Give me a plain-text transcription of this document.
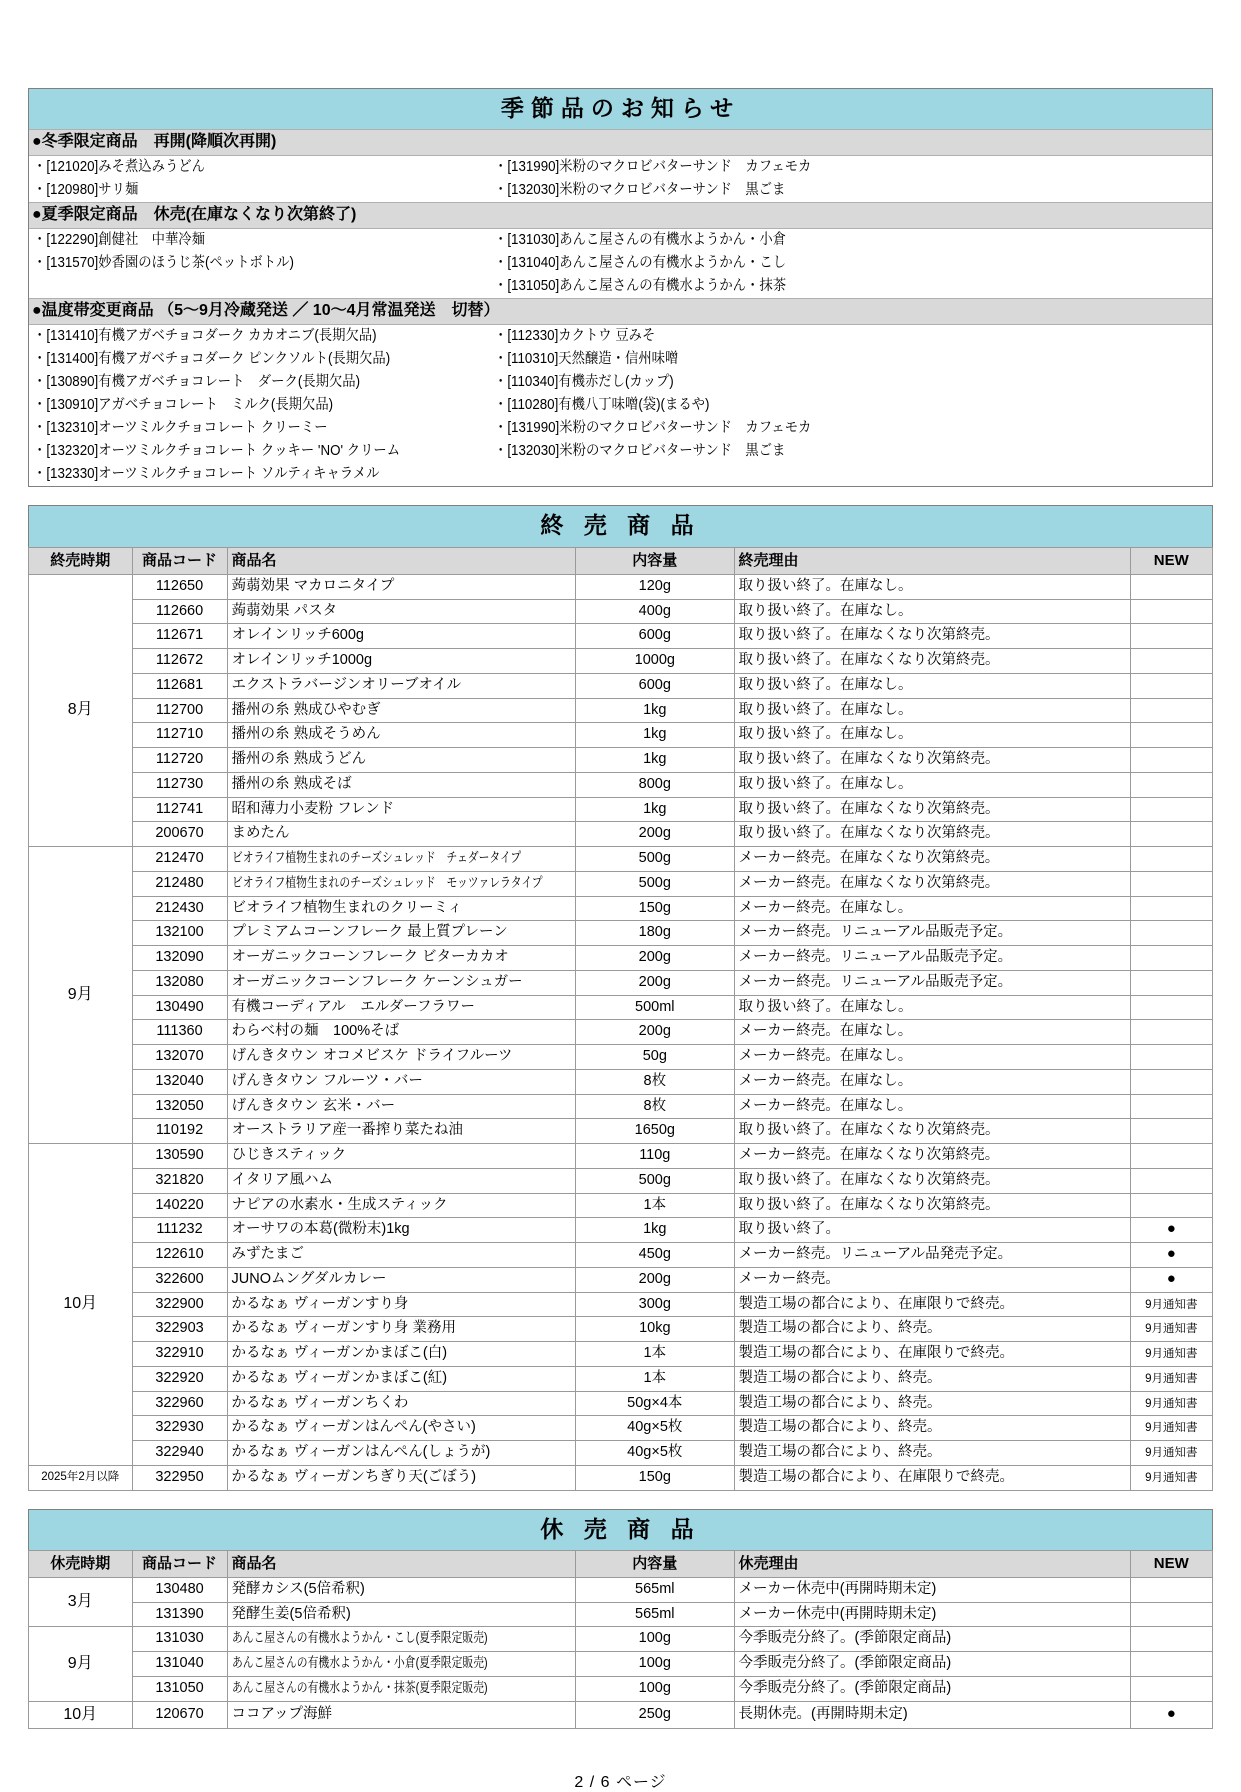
季節品のお知らせ
●冬季限定商品　再開(降順次再開)
・[121020]みそ煮込みうどん	・[131990]米粉のマクロビバターサンド　カフェモカ
・[120980]サリ麺	・[132030]米粉のマクロビバターサンド　黒ごま
●夏季限定商品　休売(在庫なくなり次第終了)
・[122290]創健社　中華冷麺	・[131030]あんこ屋さんの有機水ようかん・小倉
・[131570]妙香園のほうじ茶(ペットボトル)	・[131040]あんこ屋さんの有機水ようかん・こし
・[131050]あんこ屋さんの有機水ようかん・抹茶
●温度帯変更商品 （5～9月冷蔵発送 ／ 10～4月常温発送　切替）
・[131410]有機アガベチョコダーク カカオニブ(長期欠品)	・[112330]カクトウ 豆みそ
・[131400]有機アガベチョコダーク ピンクソルト(長期欠品)	・[110310]天然醸造・信州味噌
・[130890]有機アガベチョコレート　ダーク(長期欠品)	・[110340]有機赤だし(カップ)
・[130910]アガベチョコレート　ミルク(長期欠品)	・[110280]有機八丁味噌(袋)(まるや)
・[132310]オーツミルクチョコレート クリーミー	・[131990]米粉のマクロビバターサンド　カフェモカ
・[132320]オーツミルクチョコレート クッキー 'NO' クリーム	・[132030]米粉のマクロビバターサンド　黒ごま
・[132330]オーツミルクチョコレート ソルティキャラメル
終 売 商 品
終売時期	商品コード	商品名	内容量	終売理由	NEW
8月	112650	蒟蒻効果 マカロニタイプ	120g	取り扱い終了。在庫なし。	
	112660	蒟蒻効果 パスタ	400g	取り扱い終了。在庫なし。	
	112671	オレインリッチ600g	600g	取り扱い終了。在庫なくなり次第終売。	
	112672	オレインリッチ1000g	1000g	取り扱い終了。在庫なくなり次第終売。	
	112681	エクストラバージンオリーブオイル	600g	取り扱い終了。在庫なし。	
	112700	播州の糸 熟成ひやむぎ	1kg	取り扱い終了。在庫なし。	
	112710	播州の糸 熟成そうめん	1kg	取り扱い終了。在庫なし。	
	112720	播州の糸 熟成うどん	1kg	取り扱い終了。在庫なくなり次第終売。	
	112730	播州の糸 熟成そば	800g	取り扱い終了。在庫なし。	
	112741	昭和薄力小麦粉 フレンド	1kg	取り扱い終了。在庫なくなり次第終売。	
	200670	まめたん	200g	取り扱い終了。在庫なくなり次第終売。	
9月	212470	ビオライフ植物生まれのチーズシュレッド　チェダータイプ	500g	メーカー終売。在庫なくなり次第終売。	
	212480	ビオライフ植物生まれのチーズシュレッド　モッツァレラタイプ	500g	メーカー終売。在庫なくなり次第終売。	
	212430	ビオライフ植物生まれのクリーミィ	150g	メーカー終売。在庫なし。	
	132100	プレミアムコーンフレーク 最上質プレーン	180g	メーカー終売。リニューアル品販売予定。	
	132090	オーガニックコーンフレーク ビターカカオ	200g	メーカー終売。リニューアル品販売予定。	
	132080	オーガニックコーンフレーク ケーンシュガー	200g	メーカー終売。リニューアル品販売予定。	
	130490	有機コーディアル　エルダーフラワー	500ml	取り扱い終了。在庫なし。	
	111360	わらべ村の麺　100%そば	200g	メーカー終売。在庫なし。	
	132070	げんきタウン オコメビスケ ドライフルーツ	50g	メーカー終売。在庫なし。	
	132040	げんきタウン フルーツ・バー	8枚	メーカー終売。在庫なし。	
	132050	げんきタウン 玄米・バー	8枚	メーカー終売。在庫なし。	
	110192	オーストラリア産一番搾り菜たね油	1650g	取り扱い終了。在庫なくなり次第終売。	
10月	130590	ひじきスティック	110g	メーカー終売。在庫なくなり次第終売。	
	321820	イタリア風ハム	500g	取り扱い終了。在庫なくなり次第終売。	
	140220	ナピアの水素水・生成スティック	1本	取り扱い終了。在庫なくなり次第終売。	
	111232	オーサワの本葛(微粉末)1kg	1kg	取り扱い終了。	●
	122610	みずたまご	450g	メーカー終売。リニューアル品発売予定。	●
	322600	JUNOムングダルカレー	200g	メーカー終売。	●
	322900	かるなぁ ヴィーガンすり身	300g	製造工場の都合により、在庫限りで終売。	9月通知書
	322903	かるなぁ ヴィーガンすり身 業務用	10kg	製造工場の都合により、終売。	9月通知書
	322910	かるなぁ ヴィーガンかまぼこ(白)	1本	製造工場の都合により、在庫限りで終売。	9月通知書
	322920	かるなぁ ヴィーガンかまぼこ(紅)	1本	製造工場の都合により、終売。	9月通知書
	322960	かるなぁ ヴィーガンちくわ	50g×4本	製造工場の都合により、終売。	9月通知書
	322930	かるなぁ ヴィーガンはんぺん(やさい)	40g×5枚	製造工場の都合により、終売。	9月通知書
	322940	かるなぁ ヴィーガンはんぺん(しょうが)	40g×5枚	製造工場の都合により、終売。	9月通知書
2025年2月以降	322950	かるなぁ ヴィーガンちぎり天(ごぼう)	150g	製造工場の都合により、在庫限りで終売。	9月通知書
休 売 商 品
休売時期	商品コード	商品名	内容量	休売理由	NEW
3月	130480	発酵カシス(5倍希釈)	565ml	メーカー休売中(再開時期未定)	
	131390	発酵生姜(5倍希釈)	565ml	メーカー休売中(再開時期未定)	
9月	131030	あんこ屋さんの有機水ようかん・こし(夏季限定販売)	100g	今季販売分終了。(季節限定商品)	
	131040	あんこ屋さんの有機水ようかん・小倉(夏季限定販売)	100g	今季販売分終了。(季節限定商品)	
	131050	あんこ屋さんの有機水ようかん・抹茶(夏季限定販売)	100g	今季販売分終了。(季節限定商品)	
10月	120670	ココアップ海鮮	250g	長期休売。(再開時期未定)	●
2 / 6 ページ
